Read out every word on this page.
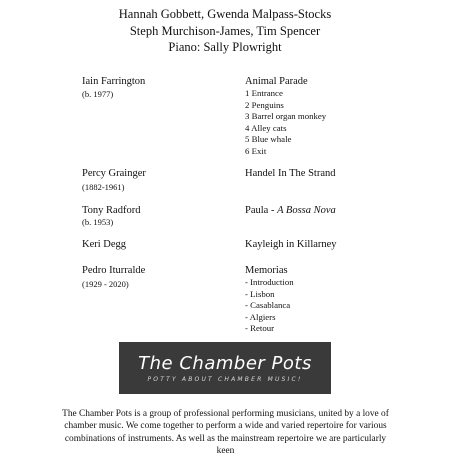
Hannah Gobbett, Gwenda Malpass-Stocks
Steph Murchison-James, Tim Spencer
Piano: Sally Plowright
Iain Farrington
(b. 1977)
Animal Parade
1 Entrance
2 Penguins
3 Barrel organ monkey
4 Alley cats
5 Blue whale
6 Exit
Percy Grainger
(1882-1961)
Handel In The Strand
Tony Radford
(b. 1953)
Paula - A Bossa Nova
Keri Degg	Kayleigh in Killarney
Pedro Iturralde
(1929 - 2020)
Memorias
- Introduction
- Lisbon
- Casablanca
- Algiers
- Retour
The Chamber Pots
POTTY ABOUT CHAMBER MUSIC!
The Chamber Pots is a group of professional performing musicians, united by a love of
chamber music. We come together to perform a wide and varied repertoire for various
combinations of instruments. As well as the mainstream repertoire we are particularly keen
